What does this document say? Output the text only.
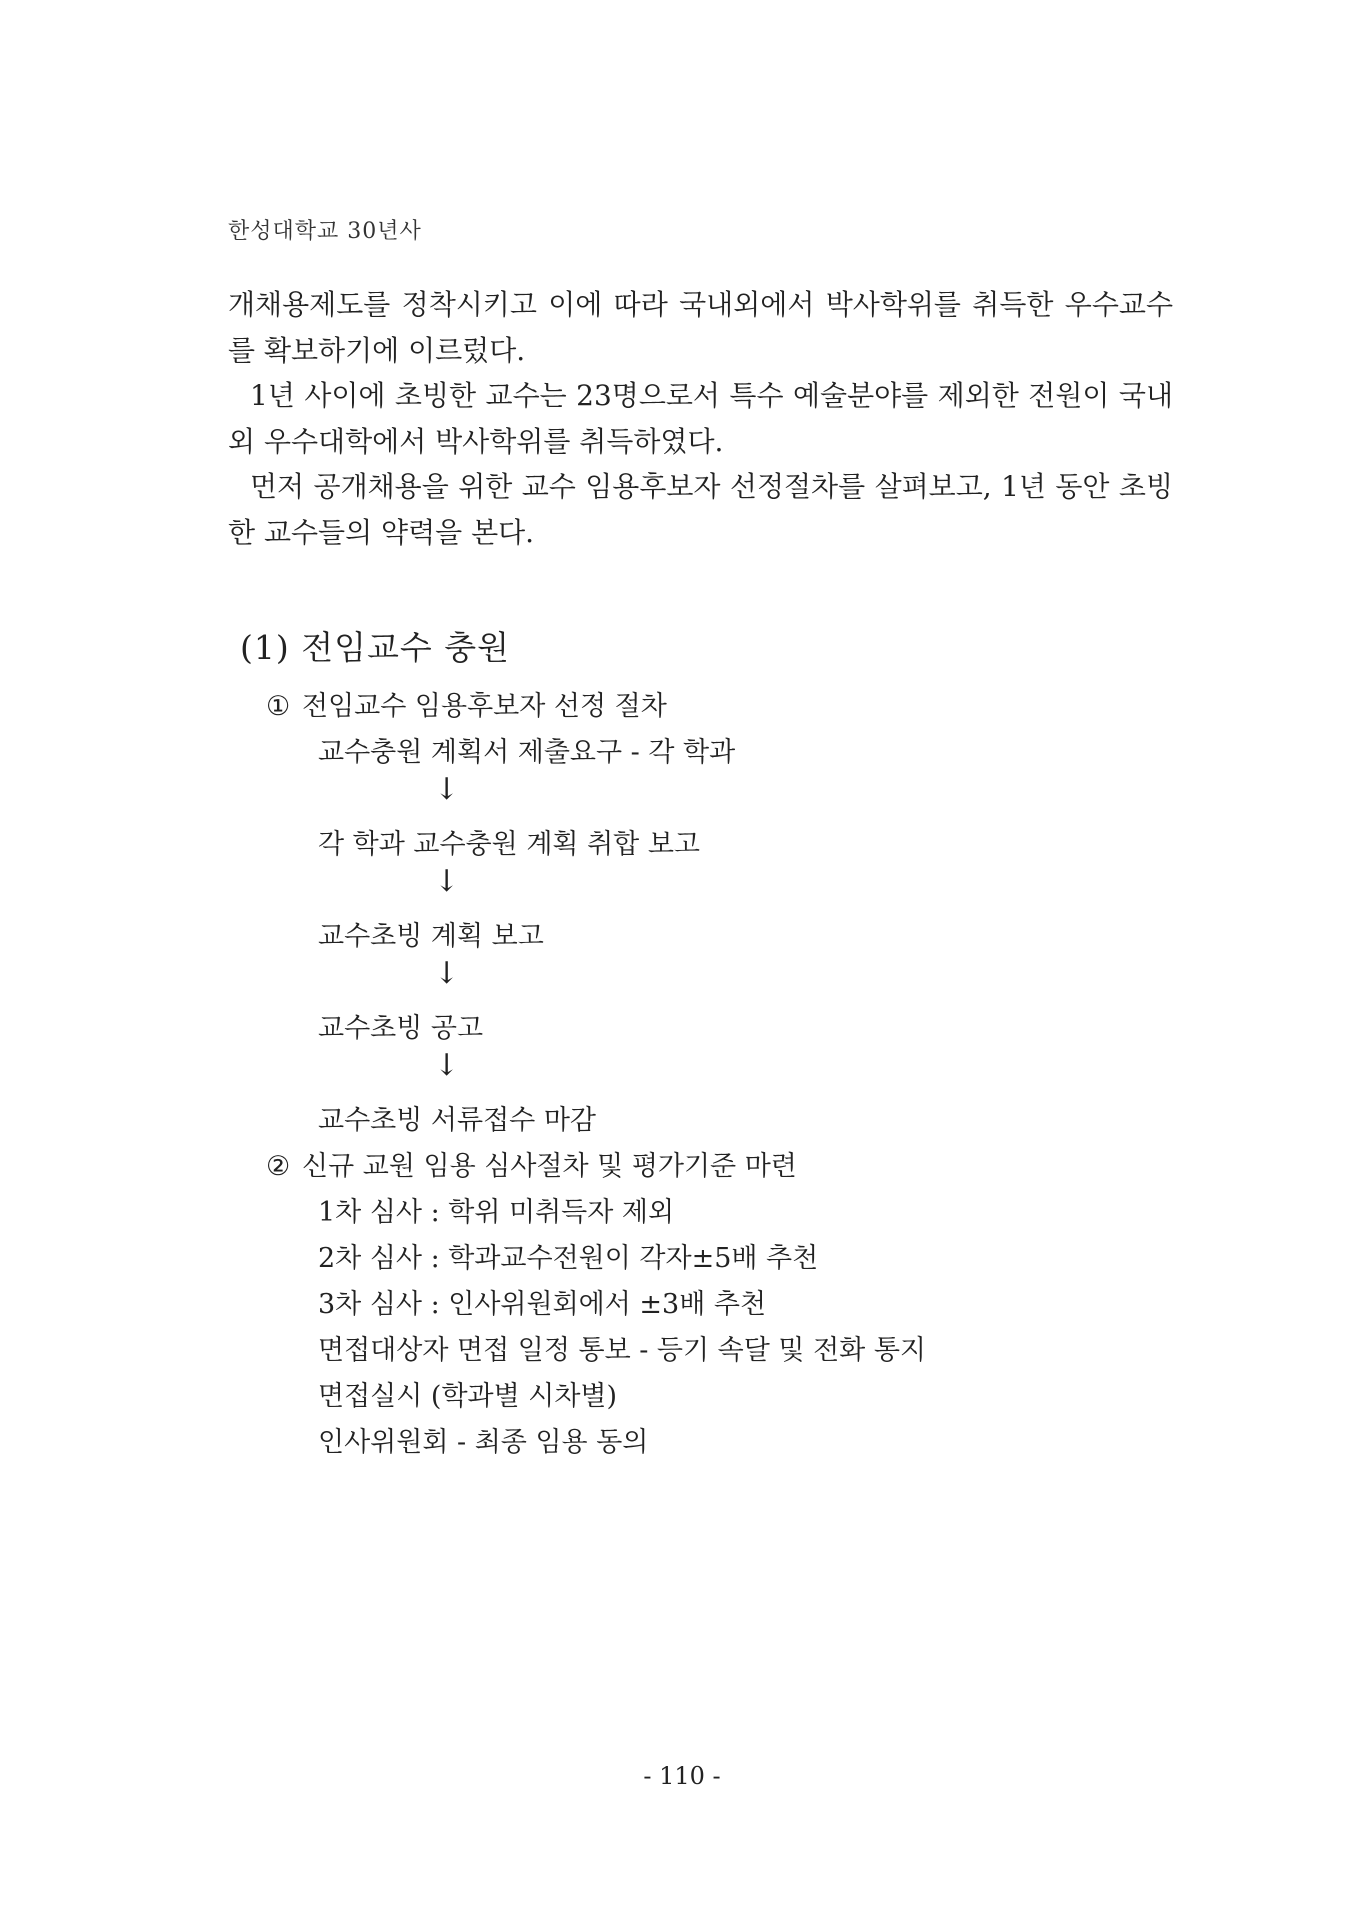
한성대학교 30년사

개채용제도를 정착시키고 이에 따라 국내외에서 박사학위를 취득한 우수교수를 확보하기에 이르렀다.

1년 사이에 초빙한 교수는 23명으로서 특수 예술분야를 제외한 전원이 국내외 우수대학에서 박사학위를 취득하였다.

먼저 공개채용을 위한 교수 임용후보자 선정절차를 살펴보고, 1년 동안 초빙한 교수들의 약력을 본다.

(1) 전임교수 충원
① 전임교수 임용후보자 선정 절차
교수충원 계획서 제출요구 - 각 학과
↓
각 학과 교수충원 계획 취합 보고
↓
교수초빙 계획 보고
↓
교수초빙 공고
↓
교수초빙 서류접수 마감
② 신규 교원 임용 심사절차 및 평가기준 마련
1차 심사 : 학위 미취득자 제외
2차 심사 : 학과교수전원이 각자±5배 추천
3차 심사 : 인사위원회에서 ±3배 추천
면접대상자 면접 일정 통보 - 등기 속달 및 전화 통지
면접실시 (학과별 시차별)
인사위원회 - 최종 임용 동의
- 110 -
